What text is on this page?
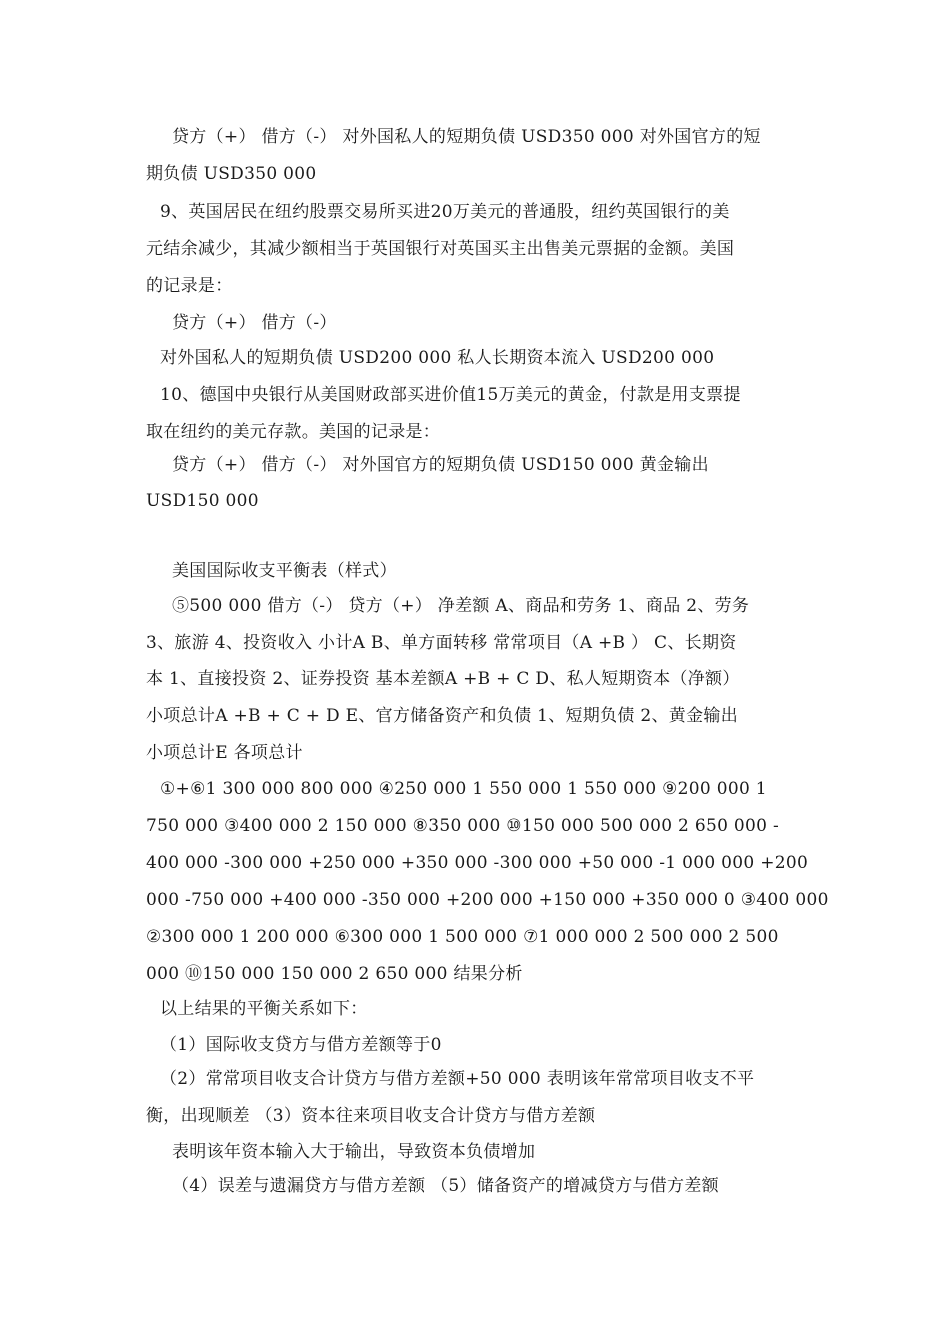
贷方（+） 借方（-） 对外国私人的短期负债 USD350 000 对外国官方的短

期负债 USD350 000

9、英国居民在纽约股票交易所买进20万美元的普通股，纽约英国银行的美

元结余减少，其减少额相当于英国银行对英国买主出售美元票据的金额。美国

的记录是：

贷方（+） 借方（-）

对外国私人的短期负债 USD200 000 私人长期资本流入 USD200 000

10、德国中央银行从美国财政部买进价值15万美元的黄金，付款是用支票提

取在纽约的美元存款。美国的记录是：

贷方（+） 借方（-） 对外国官方的短期负债 USD150 000 黄金输出

USD150 000

美国国际收支平衡表（样式）

⑤500 000 借方（-） 贷方（+） 净差额 A、商品和劳务 1、商品 2、劳务

3、旅游 4、投资收入 小计A B、单方面转移 常常项目（A +B ） C、长期资

本 1、直接投资 2、证券投资 基本差额A +B + C D、私人短期资本（净额）

小项总计A +B + C + D E、官方储备资产和负债 1、短期负债 2、黄金输出

小项总计E 各项总计

①+⑥1 300 000 800 000 ④250 000 1 550 000 1 550 000 ⑨200 000 1

750 000 ③400 000 2 150 000 ⑧350 000 ⑩150 000 500 000 2 650 000 -

400 000 -300 000 +250 000 +350 000 -300 000 +50 000 -1 000 000 +200

000 -750 000 +400 000 -350 000 +200 000 +150 000 +350 000 0 ③400 000

②300 000 1 200 000 ⑥300 000 1 500 000 ⑦1 000 000 2 500 000 2 500

000 ⑩150 000 150 000 2 650 000 结果分析

以上结果的平衡关系如下：

（1）国际收支贷方与借方差额等于0

（2）常常项目收支合计贷方与借方差额+50 000 表明该年常常项目收支不平

衡，出现顺差 （3）资本往来项目收支合计贷方与借方差额

表明该年资本输入大于输出，导致资本负债增加

（4）误差与遗漏贷方与借方差额 （5）储备资产的增减贷方与借方差额
